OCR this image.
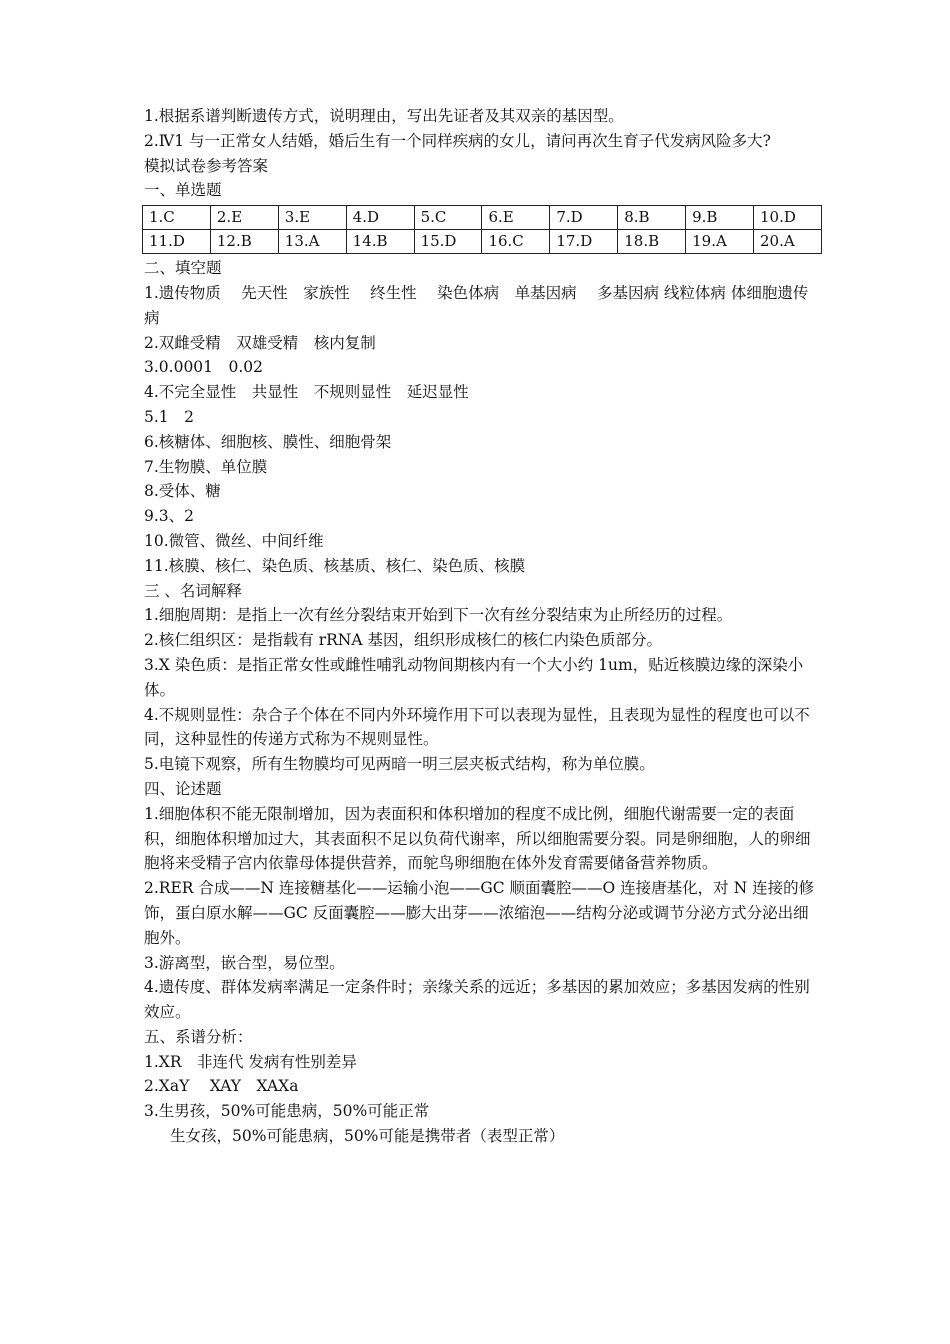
1.根据系谱判断遗传方式，说明理由，写出先证者及其双亲的基因型。
2.Ⅳ1 与一正常女人结婚，婚后生有一个同样疾病的女儿，请问再次生育子代发病风险多大?
模拟试卷参考答案
一、单选题
1.C	2.E	3.E	4.D	5.C	6.E	7.D	8.B	9.B	10.D
11.D	12.B	13.A	14.B	15.D	16.C	17.D	18.B	19.A	20.A
二、填空题
1.遗传物质　 先天性　家族性　 终生性　 染色体病　单基因病　 多基因病 线粒体病 体细胞遗传病
2.双雌受精　双雄受精　核内复制
3.0.0001　0.02
4.不完全显性　共显性　不规则显性　延迟显性
5.1　2
6.核糖体、细胞核、膜性、细胞骨架
7.生物膜、单位膜
8.受体、糖
9.3、2
10.微管、微丝、中间纤维
11.核膜、核仁、染色质、核基质、核仁、染色质、核膜
三 、名词解释
1.细胞周期：是指上一次有丝分裂结束开始到下一次有丝分裂结束为止所经历的过程。
2.核仁组织区：是指载有 rRNA 基因，组织形成核仁的核仁内染色质部分。
3.X 染色质：是指正常女性或雌性哺乳动物间期核内有一个大小约 1um，贴近核膜边缘的深染小体。
4.不规则显性：杂合子个体在不同内外环境作用下可以表现为显性，且表现为显性的程度也可以不同，这种显性的传递方式称为不规则显性。
5.电镜下观察，所有生物膜均可见两暗一明三层夹板式结构，称为单位膜。
四、论述题
1.细胞体积不能无限制增加，因为表面积和体积增加的程度不成比例，细胞代谢需要一定的表面积，细胞体积增加过大，其表面积不足以负荷代谢率，所以细胞需要分裂。同是卵细胞，人的卵细胞将来受精子宫内依靠母体提供营养，而鸵鸟卵细胞在体外发育需要储备营养物质。
2.RER 合成——N 连接糖基化——运输小泡——GC 顺面囊腔——O 连接唐基化，对 N 连接的修饰，蛋白原水解——GC 反面囊腔——膨大出芽——浓缩泡——结构分泌或调节分泌方式分泌出细胞外。
3.游离型，嵌合型，易位型。
4.遗传度、群体发病率满足一定条件时；亲缘关系的远近；多基因的累加效应；多基因发病的性别效应。
五、系谱分析：
1.XR　非连代 发病有性别差异
2.XaY　 XAY　XAXa
3.生男孩，50%可能患病，50%可能正常
生女孩，50%可能患病，50%可能是携带者（表型正常）
